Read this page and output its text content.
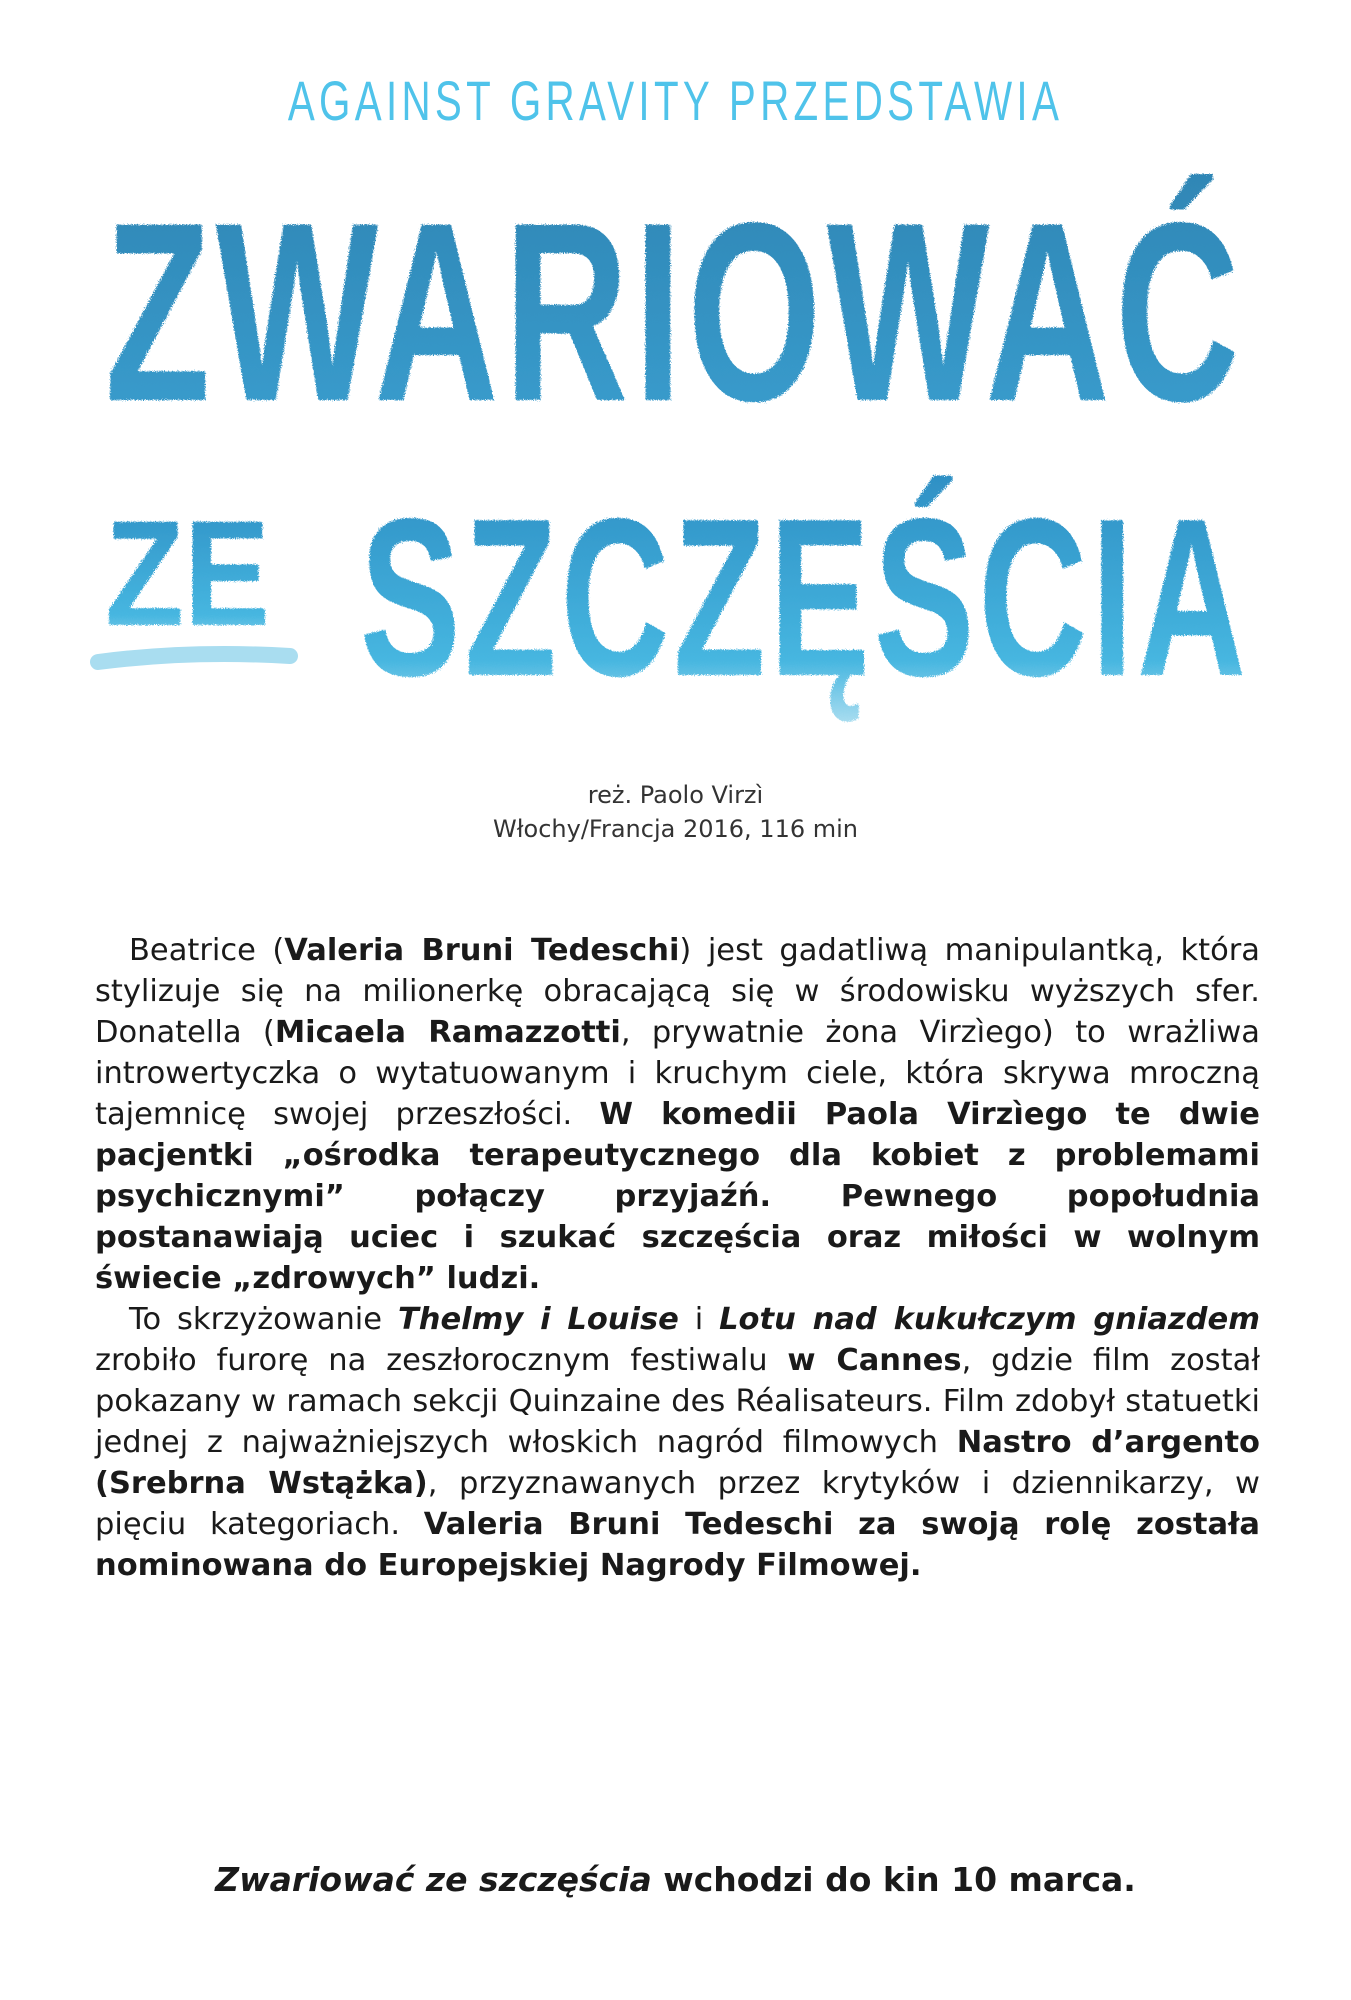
AGAINST GRAVITY PRZEDSTAWIA
ZWARIOWAĆ
ZE SZCZĘŚCIA
reż. Paolo Virzì
Włochy/Francja 2016, 116 min

Beatrice (Valeria Bruni Tedeschi) jest gadatliwą manipulantką, która stylizuje się na milionerkę obracającą się w środowisku wyższych sfer. Donatella (Micaela Ramazzotti, prywatnie żona Virzìego) to wrażliwa introwertyczka o wytatuowanym i kruchym ciele, która skrywa mroczną tajemnicę swojej przeszłości. W komedii Paola Virzìego te dwie pacjentki „ośrodka terapeutycznego dla kobiet z problemami psychicznymi” połączy przyjaźń. Pewnego popołudnia postanawiają uciec i szukać szczęścia oraz miłości w wolnym świecie „zdrowych” ludzi.

To skrzyżowanie Thelmy i Louise i Lotu nad kukułczym gniazdem zrobiło furorę na zeszłorocznym festiwalu w Cannes, gdzie film został pokazany w ramach sekcji Quinzaine des Réalisateurs. Film zdobył statuetki jednej z najważniejszych włoskich nagród filmowych Nastro d’argento (Srebrna Wstążka), przyznawanych przez krytyków i dziennikarzy, w pięciu kategoriach. Valeria Bruni Tedeschi za swoją rolę została nominowana do Europejskiej Nagrody Filmowej.

Zwariować ze szczęścia wchodzi do kin 10 marca.
